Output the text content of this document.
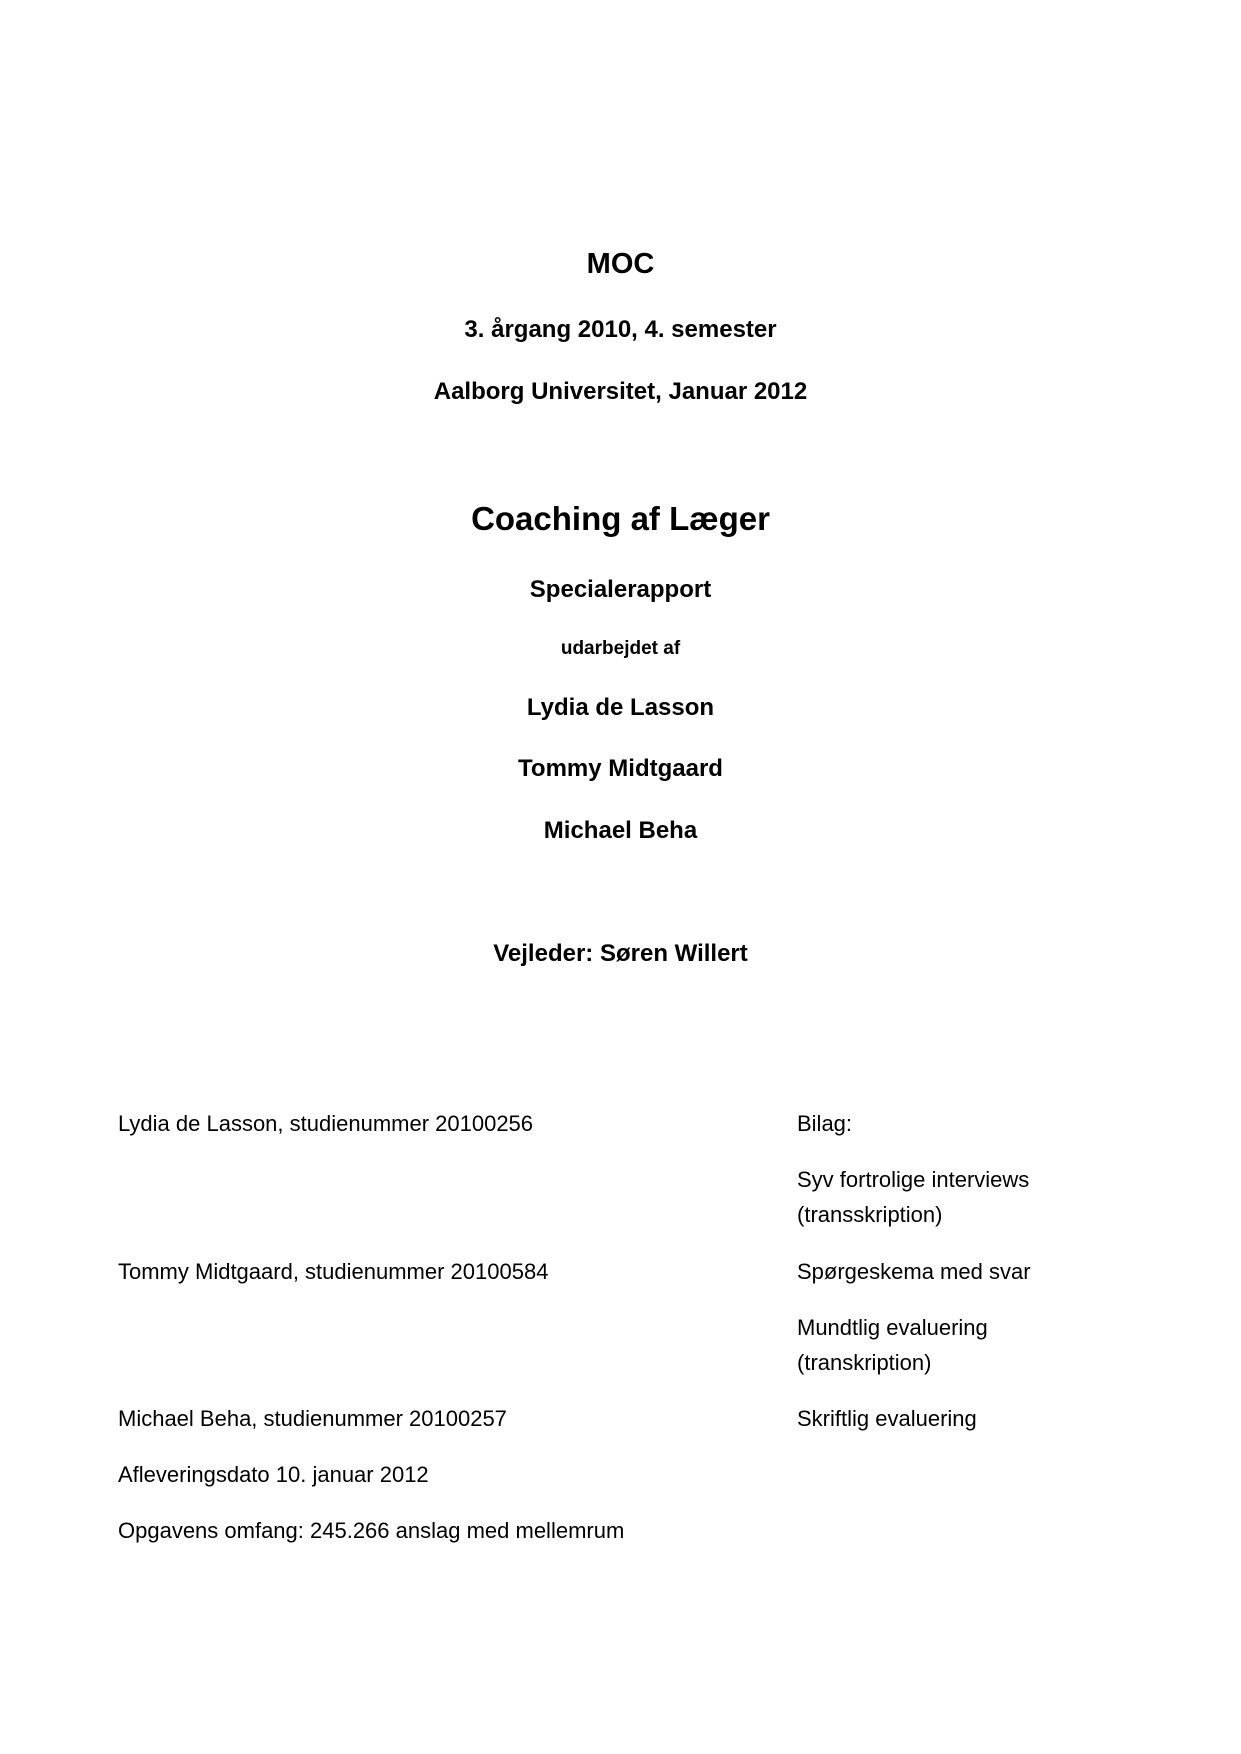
MOC
3. årgang 2010, 4. semester
Aalborg Universitet, Januar 2012
Coaching af Læger
Specialerapport
udarbejdet af
Lydia de Lasson
Tommy Midtgaard
Michael Beha
Vejleder: Søren Willert
Lydia de Lasson, studienummer 20100256
Tommy Midtgaard, studienummer 20100584
Michael Beha, studienummer 20100257
Afleveringsdato 10. januar 2012
Opgavens omfang: 245.266 anslag med mellemrum
Bilag:
Syv fortrolige interviews
(transskription)
Spørgeskema med svar
Mundtlig evaluering
(transkription)
Skriftlig evaluering
